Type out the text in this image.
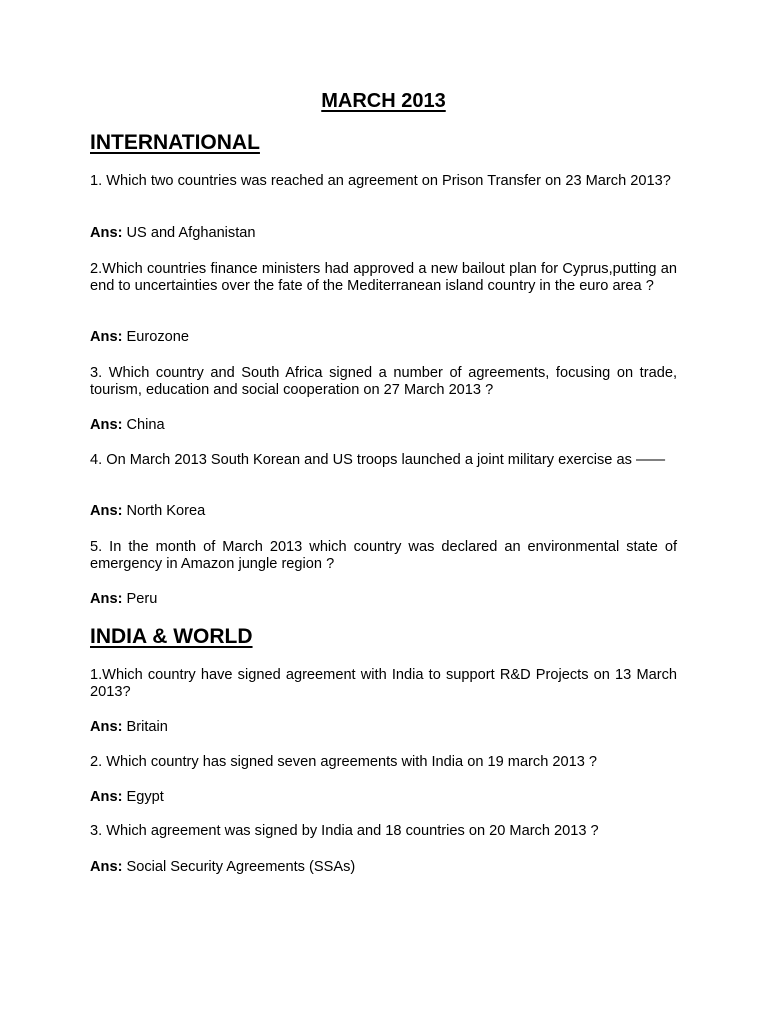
MARCH 2013
INTERNATIONAL
1. Which two countries was reached an agreement on Prison Transfer on 23 March 2013?
Ans: US and Afghanistan
2.Which countries finance ministers had approved a new bailout plan for Cyprus,putting an end to uncertainties over the fate of the Mediterranean island country in the euro area ?
Ans: Eurozone
3. Which country and South Africa signed a number of agreements, focusing on trade, tourism, education and social cooperation on 27 March 2013 ?
Ans: China
4. On March 2013 South Korean and US troops launched a joint military exercise as ——
Ans: North Korea
5. In the month of March 2013 which country was declared an environmental state of emergency in Amazon jungle region ?
Ans: Peru
INDIA & WORLD
1.Which country have signed agreement with India to support R&D Projects on 13 March 2013?
Ans: Britain
2. Which country has signed seven agreements with India on 19 march 2013 ?
Ans: Egypt
3. Which agreement was signed by India and 18 countries on 20 March 2013 ?
Ans: Social Security Agreements (SSAs)
